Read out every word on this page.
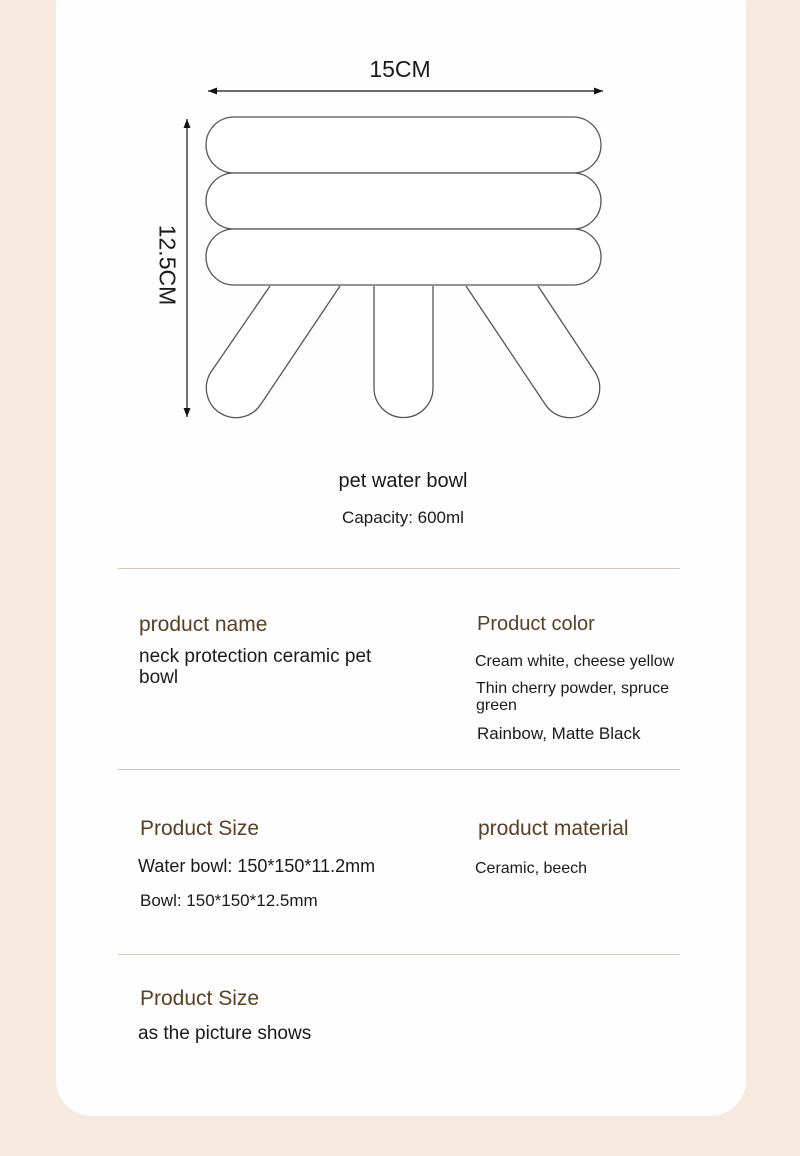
15CM
12.5CM
pet water bowl
Capacity: 600ml
product name
neck protection ceramic pet bowl
Product color
Cream white, cheese yellow
Thin cherry powder, spruce green
Rainbow, Matte Black
Product Size
Water bowl: 150*150*11.2mm
Bowl: 150*150*12.5mm
product material
Ceramic, beech
Product Size
as the picture shows
